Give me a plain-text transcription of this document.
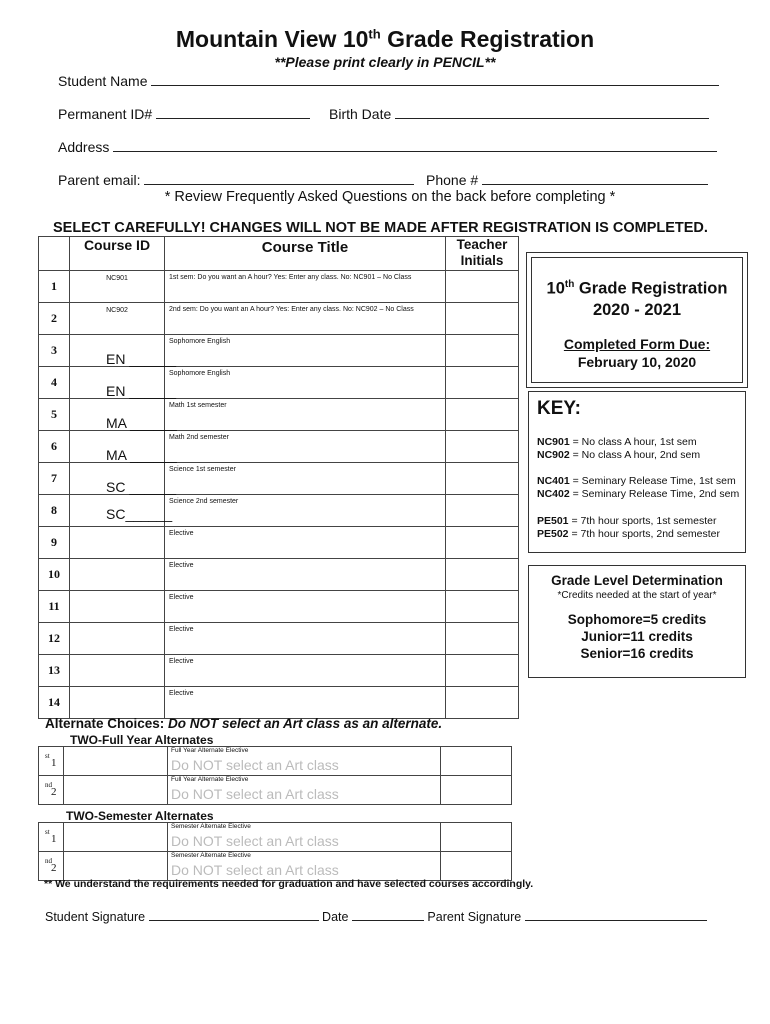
Mountain View 10th Grade Registration
**Please print clearly in PENCIL**
Student Name
Permanent ID#	Birth Date
Address
Parent email:	Phone #
* Review Frequently Asked Questions on the back before completing *
SELECT CAREFULLY! CHANGES WILL NOT BE MADE AFTER REGISTRATION IS COMPLETED.
	Course ID	Course Title	Teacher
Initials

1	NC901	1st sem: Do you want an A hour? Yes: Enter any class. No: NC901 – No Class	

2	NC902	2nd sem: Do you want an A hour? Yes: Enter any class. No: NC902 – No Class	

3	EN ______	Sophomore English	

4	EN ______	Sophomore English	

5	MA ______	Math 1st semester	

6	MA ______	Math 2nd semester	

7	SC ______	Science 1st semester	

8	SC______	Science 2nd semester	

9		Elective	

10		Elective	

11		Elective	

12		Elective	

13		Elective	

14		Elective	

10th Grade Registration
2020 - 2021
Completed Form Due:
February 10, 2020
KEY:
NC901 = No class A hour, 1st sem
NC902 = No class A hour, 2nd sem
NC401 = Seminary Release Time, 1st sem
NC402 = Seminary Release Time, 2nd sem
PE501 = 7th hour sports, 1st semester
PE502 = 7th hour sports, 2nd semester
Grade Level Determination
*Credits needed at the start of year*
Sophomore=5 credits
Junior=11 credits
Senior=16 credits
Alternate Choices: Do NOT select an Art class as an alternate.
TWO-Full Year Alternates
1
$^{st}$		Full Year Alternate Elective
Do NOT select an Art class	

2
$^{nd}$		Full Year Alternate Elective
Do NOT select an Art class	

TWO-Semester Alternates
1
$^{st}$		Semester Alternate Elective
Do NOT select an Art class	

2
$^{nd}$		Semester Alternate Elective
Do NOT select an Art class	

** We understand the requirements needed for graduation and have selected courses accordingly.
Student Signature	Date	Parent Signature
